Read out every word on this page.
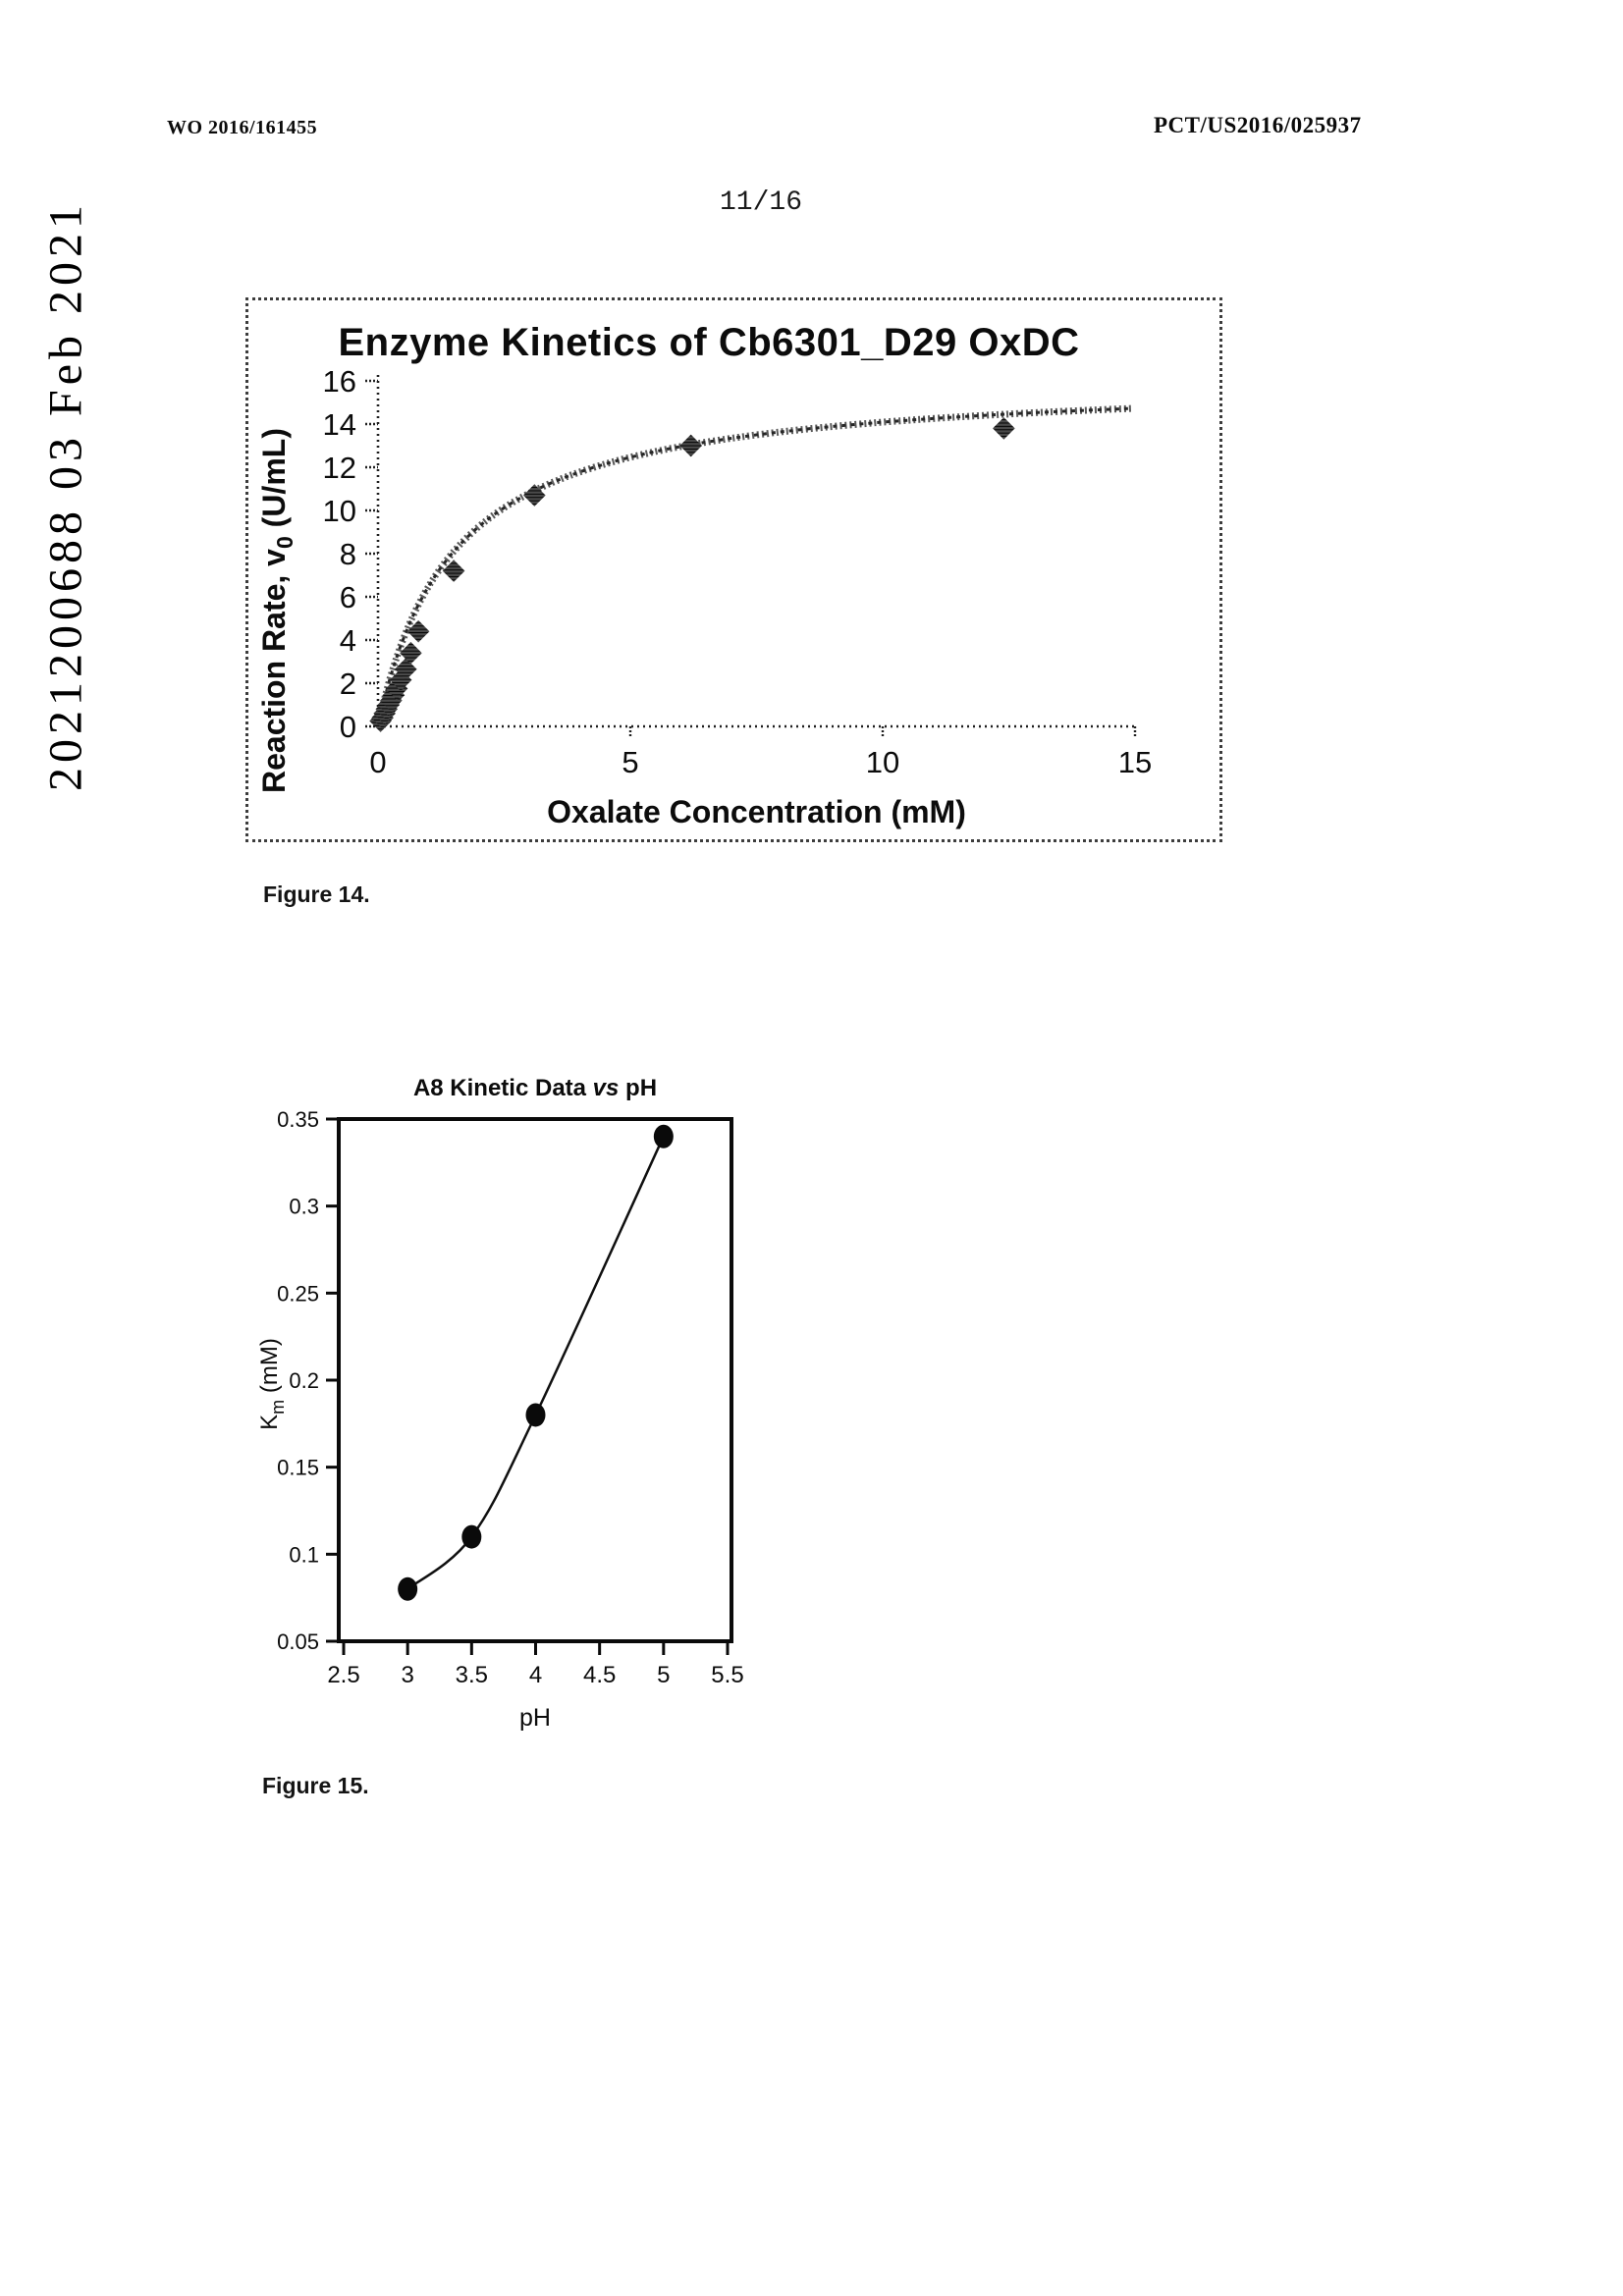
2021200688 03 Feb 2021
WO 2016/161455	PCT/US2016/025937
11/16
Enzyme Kinetics of Cb6301_D29 OxDC
Reaction Rate, $v_0$ (U/mL)
0
2
4
6
8
10
12
14
16
0	5	10	15
Oxalate Concentration (mM)
Figure 14.
A8 Kinetic Data vs pH
$K_m$ (mM)
0.05
0.1
0.15
0.2
0.25
0.3
0.35
2.5 3 3.5 4 4.5 5 5.5
pH
Figure 15.
